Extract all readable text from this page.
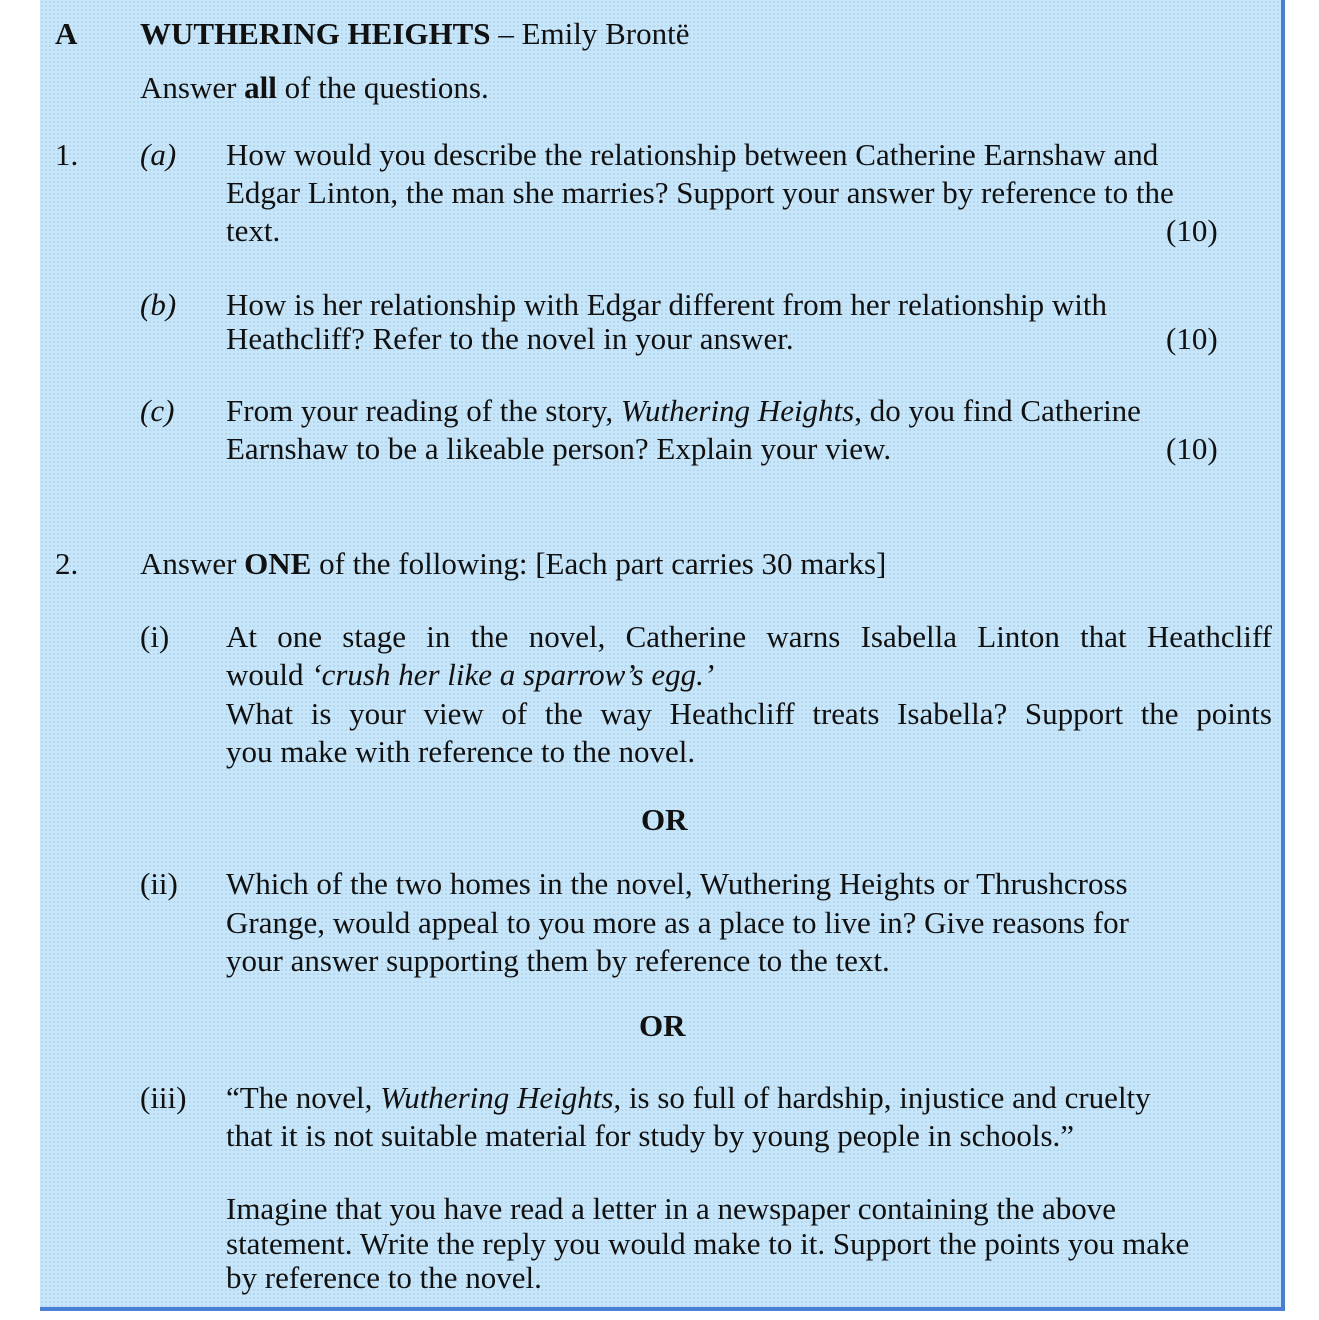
A WUTHERING HEIGHTS – Emily Brontë
Answer all of the questions.
1. (a) How would you describe the relationship between Catherine Earnshaw and
Edgar Linton, the man she marries? Support your answer by reference to the
text.	(10)
(b) How is her relationship with Edgar different from her relationship with
Heathcliff? Refer to the novel in your answer.	(10)
(c) From your reading of the story, Wuthering Heights, do you find Catherine
Earnshaw to be a likeable person? Explain your view.	(10)
2. Answer ONE of the following: [Each part carries 30 marks]
(i) At one stage in the novel, Catherine warns Isabella Linton that Heathcliff
would ‘crush her like a sparrow’s egg.’
What is your view of the way Heathcliff treats Isabella? Support the points
you make with reference to the novel.
OR
(ii) Which of the two homes in the novel, Wuthering Heights or Thrushcross
Grange, would appeal to you more as a place to live in? Give reasons for
your answer supporting them by reference to the text.
OR
(iii) “The novel, Wuthering Heights, is so full of hardship, injustice and cruelty
that it is not suitable material for study by young people in schools.”
Imagine that you have read a letter in a newspaper containing the above
statement. Write the reply you would make to it. Support the points you make
by reference to the novel.
